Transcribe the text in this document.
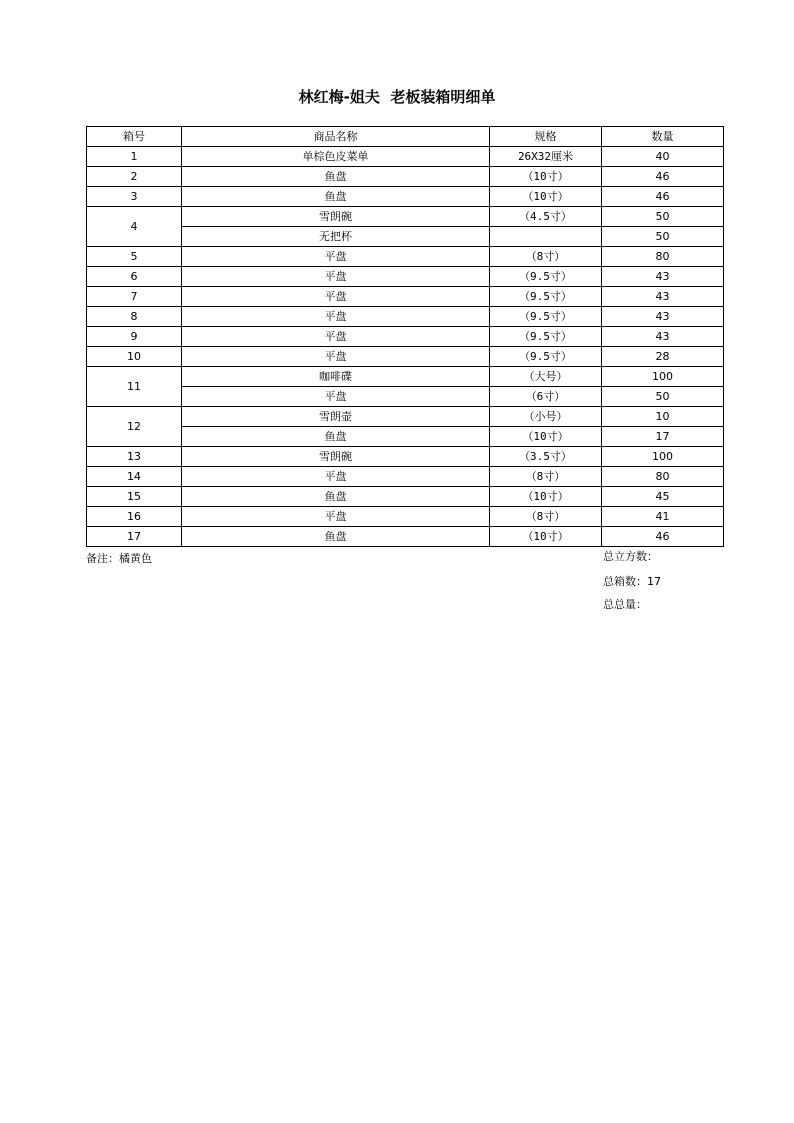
林红梅-姐夫  老板装箱明细单
箱号	商品名称	规格	数量
1	单棕色皮菜单	26X32厘米	40
2	鱼盘	（10寸）	46
3	鱼盘	（10寸）	46
4	雪朗碗	（4.5寸）	50
	无把杯		50
5	平盘	（8寸）	80
6	平盘	（9.5寸）	43
7	平盘	（9.5寸）	43
8	平盘	（9.5寸）	43
9	平盘	（9.5寸）	43
10	平盘	（9.5寸）	28
11	咖啡碟	（大号）	100
	平盘	（6寸）	50
12	雪朗壶	（小号）	10
	鱼盘	（10寸）	17
13	雪朗碗	（3.5寸）	100
14	平盘	（8寸）	80
15	鱼盘	（10寸）	45
16	平盘	（8寸）	41
17	鱼盘	（10寸）	46
备注：橘黄色	总立方数：
总箱数：17
总总量：
